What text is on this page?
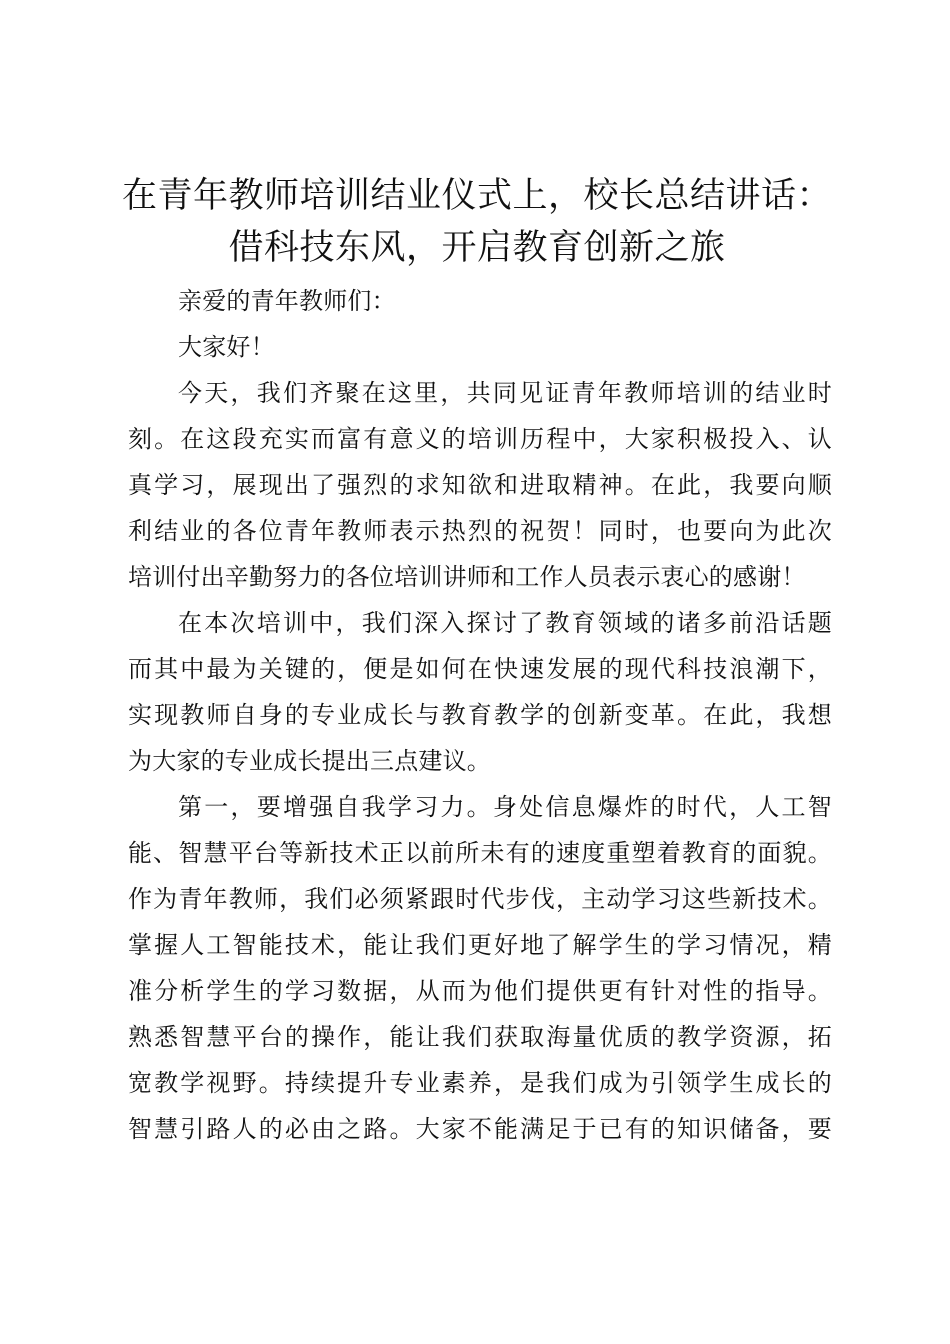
在青年教师培训结业仪式上，校长总结讲话：
借科技东风，开启教育创新之旅
亲爱的青年教师们：
大家好！
今天，我们齐聚在这里，共同见证青年教师培训的结业时
刻。在这段充实而富有意义的培训历程中，大家积极投入、认
真学习，展现出了强烈的求知欲和进取精神。在此，我要向顺
利结业的各位青年教师表示热烈的祝贺！同时，也要向为此次
培训付出辛勤努力的各位培训讲师和工作人员表示衷心的感谢！
在本次培训中，我们深入探讨了教育领域的诸多前沿话题
而其中最为关键的，便是如何在快速发展的现代科技浪潮下，
实现教师自身的专业成长与教育教学的创新变革。在此，我想
为大家的专业成长提出三点建议。
第一，要增强自我学习力。身处信息爆炸的时代，人工智
能、智慧平台等新技术正以前所未有的速度重塑着教育的面貌。
作为青年教师，我们必须紧跟时代步伐，主动学习这些新技术。
掌握人工智能技术，能让我们更好地了解学生的学习情况，精
准分析学生的学习数据，从而为他们提供更有针对性的指导。
熟悉智慧平台的操作，能让我们获取海量优质的教学资源，拓
宽教学视野。持续提升专业素养，是我们成为引领学生成长的
智慧引路人的必由之路。大家不能满足于已有的知识储备，要
